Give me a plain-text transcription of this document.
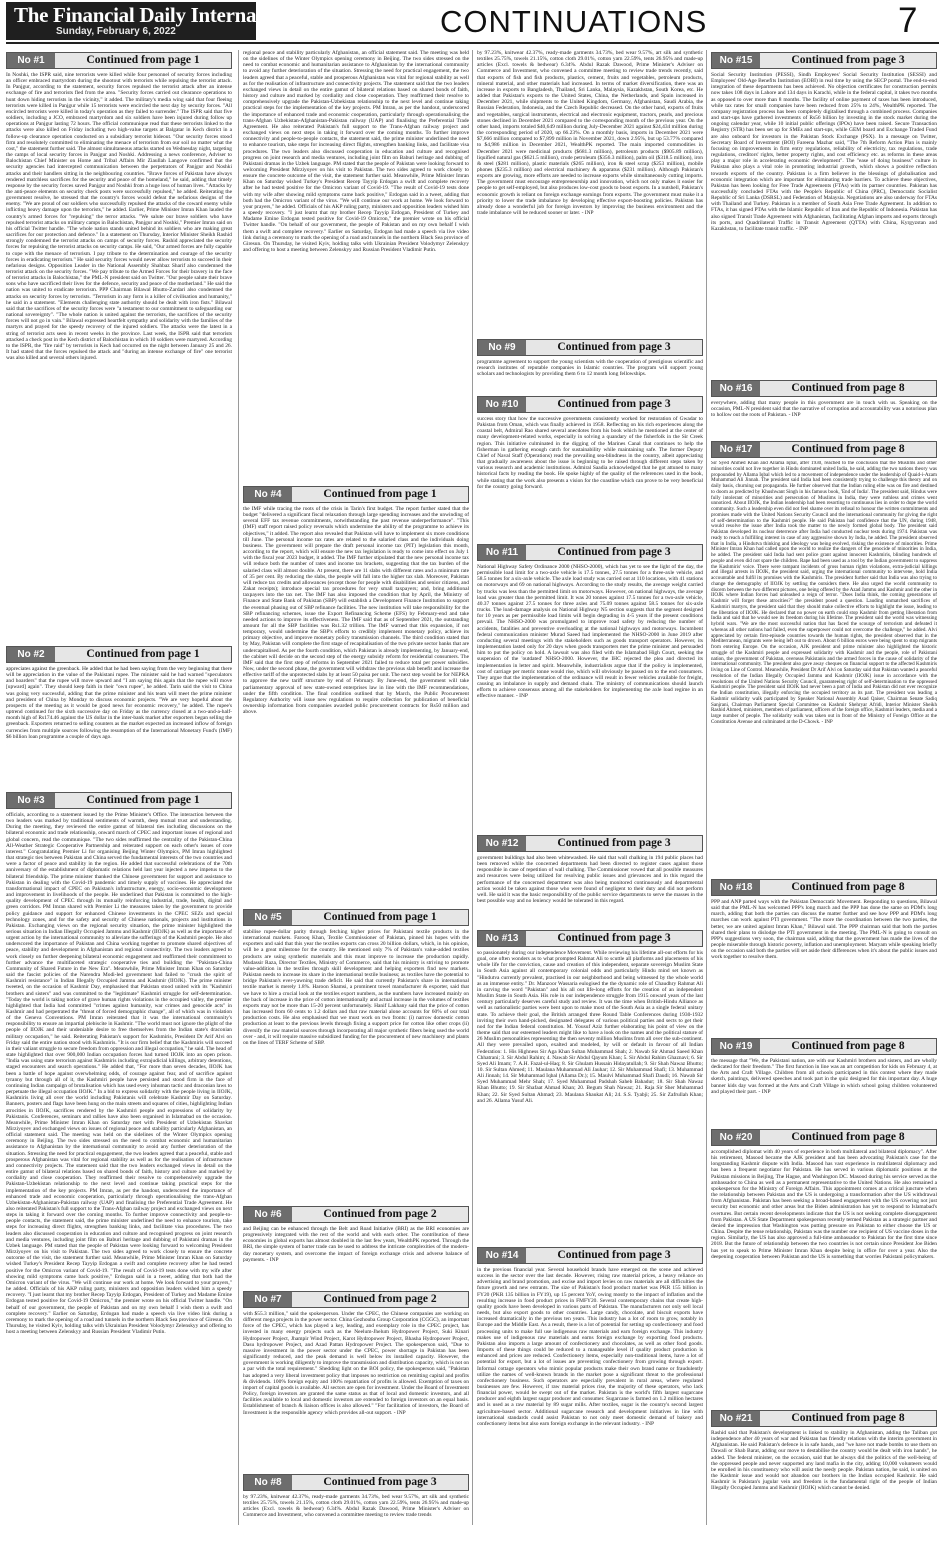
The Financial Daily International
Sunday, February 6, 2022	CONTINUATIONS	7
No #1	Continued from page 1
In Noshki, the ISPR said, nine terrorists were killed while four personnel of security forces including an officer embraced martyrdom during the shootout with terrorists while repulsing the terrorist attack. In Panjgur, according to the statement, security forces repulsed the terrorist attack after an intense exchange of fire and terrorists fled from the area. "Security forces carried out clearance operations to hunt down hiding terrorists in the vicinity," it added. The military's media wing said that four fleeing terrorists were killed in Panjgur while 15 terrorists were encircled the next day by security forces. "All encircled terrorists were killed in today's operation as they failed to surrender." The ISPR said that five soldiers, including a JCO, embraced martyrdom and six soldiers have been injured during follow up operations at Panjgur lasting 72 hours. The official communique read that these terrorists linked to the attacks were also killed on Friday including two high-value targets at Balgatar in Kech district in a follow-up clearance operation conducted on a subsidiary terrorist hideout. "Our security forces stood firm and resolutely committed to eliminating the menace of terrorism from our soil no matter what the cost," the statement further said. The almost simultaneous attacks started on Wednesday night, targeting the camps of local security forces in Panjgur and Noshki. Addressing a news conference, Adviser to Balochistan Chief Minister on Home and Tribal Affairs Mir Ziaullah Langove confirmed that the security agencies had intercepted communication between the perpetrators of Panjgur and Noshki attacks and their handlers sitting in the neighbouring countries. "Brave forces of Pakistan have always rendered matchless sacrifices for the security and peace of the homeland," he said, adding that timely response by the security forces saved Panjgur and Noshki from a huge loss of human lives. "Attacks by the anti-peace elements on security check posts were successfully repulsed," he added. Reiterating the government resolve, he stressed that the country's forces would defeat the nefarious designs of the enemy. "We are proud of our soldiers who successfully repulsed the attacks of the coward enemy while inflicting heavy damage upon the terrorists," he added. Earlier, Prime Minister Imran Khan lauded the country's armed forces for "repulsing" the terror attacks. "We salute our brave soldiers who have repulsed terrorist attacks on military camps in Balochistan, Panjgur and Noshki," Premier Imran said on his official Twitter handle. "The whole nation stands united behind its soldiers who are making great sacrifices for our protection and defence." In a statement on Thursday, Interior Minister Sheikh Rashid strongly condemned the terrorist attacks on camps of security forces. Rashid appreciated the security forces for repulsing the terrorist attacks on security camps. He said, "Our armed forces are fully capable to cope with the menace of terrorism. I pay tribute to the determination and courage of the security forces in eradicating terrorism." He said security forces would never allow terrorists to succeed in their nefarious designs. Opposition Leader in the National Assembly Shahbaz Sharif also condemned the terrorist attack on the security forces. "We pay tribute to the Armed Forces for their bravery in the face of terrorist attacks in Balochistan," the PML-N president said on Twitter. "Our people salute their brave sons who have sacrificed their lives for the defence, security and peace of the motherland." He said the nation was united to eradicate terrorism. PPP Chairman Bilawal Bhutto-Zardari also condemned the attacks on security forces by terrorists. "Terrorism in any form is a killer of civilisation and humanity," he said in a statement. "Elements challenging state authority should be dealt with iron fists." Bilawal said that the sacrifices of the security forces were "a testament to our commitment to safeguarding our national sovereignty". "The whole nation is united against the terrorists, the sacrifices of the security forces will not go in vain." Bilawal expressed heartfelt sympathy and solidarity with the families of the martyrs and prayed for the speedy recovery of the injured soldiers. The attacks were the latest in a string of terrorist acts seen in recent weeks in the province. Last week, the ISPR said that terrorists attacked a check post in the Kech district of Balochistan in which 10 soldiers were martyred. According to the ISPR, the "fire raid" by terrorists in Kech had occurred on the night between January 25 and 26. It had stated that the forces repulsed the attack and "during an intense exchange of fire" one terrorist was also killed and several others injured.
No #2	Continued from page 1
appreciates against the greenback. He added that he had been saying from the very beginning that there will be appreciation in the value of the Pakistani rupee. The minister said he had warned "speculators and hoarders" that the rupee will move upward and "I am saying this again that the rupee will move [upward] again". They should keep faith in their "own rupee", he added. Tarin said the visit to China was going very successful, adding that the prime minister and his team will meet the prime minister and president of China by Monday to discuss economic projects. "We are very hopeful about the prospects of the meeting as it would be good news for economic recovery," he added. The rupee's uptrend continued for the sixth successive day on Friday as the currency closed at a two-and-a-half-month high of Rs174.46 against the US dollar in the inter-bank market after exporters began selling the greenback. Exporters returned to selling counters as the market expected an increased inflow of foreign currencies from multiple sources following the resumption of the International Monetary Fund's (IMF) $6 billion loan programme a couple of days ago.
No #3	Continued from page 1
officials, according to a statement issued by the Prime Minister's Office. The interaction between the two leaders was marked by traditional sentiments of warmth, deep mutual trust and understanding. During the meeting, they reviewed the entire gamut of bilateral ties including discussions on the bilateral economic and trade relationship, onward march of CPEC and important issues of regional and global concern, read the communique. "The two sides reaffirmed the centrality of the Pakistan-China All-Weather Strategic Cooperative Partnership and reiterated support on each other's issues of core interest." Congratulating Premier Li for organising Beijing Winter Olympics, PM Imran highlighted that strategic ties between Pakistan and China served the fundamental interests of the two countries and were a factor of peace and stability in the region. He added that successful celebrations of the 70th anniversary of the establishment of diplomatic relations held last year injected a new impetus to the bilateral friendship. The prime minister thanked the Chinese government for support and assistance to Pakistan in dealing with the Covid-19 pandemic and timely supply of vaccines. He appreciated the transformational impact of CPEC on Pakistan's infrastructure, energy, socio-economic development and improvement in livelihoods of the people. He underlined that Pakistan is committed to the high-quality development of CPEC through its mutually reinforcing industrial, trade, health, digital and green corridors. PM Imran shared with Premier Li the measures taken by the government to provide policy guidance and support for enhanced Chinese investments in the CPEC SEZs and special technology zones, and for the safety and security of Chinese nationals, projects and institutions in Pakistan. Exchanging views on the regional security situation, the prime minister highlighted the serious situation in Indian Illegally Occupied Jammu and Kashmir (IIOJK) as well as the importance of urgent action by the international community to alleviate the sufferings of the Kashmiri people. He also underscored the importance of Pakistan and China working together to promote shared objectives of peace, stability and development in Afghanistan and regional connectivity. The two leaders agreed to work closely on further deepening bilateral economic engagement and reaffirmed their commitment to further advance the multifaceted strategic cooperative ties and building the "Pakistan-China Community of Shared Future in the New Era". Meanwhile, Prime Minister Imran Khan on Saturday said the fascist policies of the Narendra Modi-led government had failed to "crush the spirit of Kashmiri resistance" in Indian Illegally Occupied Jammu and Kashmir (IIOJK). The prime minister tweeted, on the occasion of Kashmir Day, emphasised that Pakistan stood united with its "Kashmiri brothers and sisters" and was committed to the "legitimate" Kashmiri struggle for self-determination. "Today the world is taking notice of grave human rights violations in the occupied valley, the premier highlighted that India had committed "crimes against humanity, war crimes and genocide acts" in Kashmir and had perpetrated the "threat of forced demographic change", all of which was in violation of the Geneva Conventions. PM Imran reiterated that it was the international community's responsibility to ensure an impartial plebiscite in Kashmir. "The world must not ignore the plight of the people of IIOJK and their undeniable desire to free themselves from the Indian state's draconian military occupation," he said. Reiterating Pakistan's support for Kashmiris, President Dr Arif Alvi on Friday said the entire nation stood with Kashmiris. "It is our firm belief that the Kashmiris will succeed in their valiant struggle to secure freedom from oppression and illegal occupation," he said. The head of state highlighted that over 900,000 Indian occupation forces had turned IIOJK into an open prison. "India was using state terrorism against Kashmiris including extrajudicial killings, arbitrary detentions, staged encounters and search operations." He added that, "For more than seven decades, IIOJK has been a battle of hope against overwhelming odds, of courage against fear, and of sacrifice against tyranny but through all of it, the Kashmiri people have persisted and stood firm in the face of continuing Indian campaign of brutalisation which has used every inhuman tactic and draconian laws to perpetuate the illegal occupation IIOJK." In a bid to express solidarity with the people living in IIOJK, Kashmiris living all over the world including Pakistanis will celebrate Kashmir Day on Saturday. Banners, posters and flags have been hung on the main streets and squares of cities, highlighting Indian atrocities in IIOJK, sacrifices rendered by the Kashmiri people and expressions of solidarity by Pakistanis. Conferences, seminars and rallies have also been organised in Islamabad on the occasion. Meanwhile, Prime Minister Imran Khan on Saturday met with President of Uzbekistan Shavkat Mirziyoyev and exchanged views on issues of regional peace and stability particularly Afghanistan, an official statement said. The meeting was held on the sidelines of the Winter Olympics opening ceremony in Beijing. The two sides stressed on the need to combat economic and humanitarian assistance to Afghanistan by the international community to avoid any further deterioration of the situation. Stressing the need for practical engagement, the two leaders agreed that a peaceful, stable and prosperous Afghanistan was vital for regional stability as well as for the realisation of infrastructure and connectivity projects. The statement said that the two leaders exchanged views in detail on the entire gamut of bilateral relations based on shared bonds of faith, history and culture and marked by cordiality and close cooperation. They reaffirmed their resolve to comprehensively upgrade the Pakistan-Uzbekistan relationship to the next level and continue taking practical steps for the implementation of the key projects. PM Imran, as per the handout, underscored the importance of enhanced trade and economic cooperation, particularly through operationalising the trans-Afghan Uzbekistan-Afghanistan-Pakistan railway (UAP) and finalising the Preferential Trade Agreement. He also reiterated Pakistan's full support to the Trans-Afghan railway project and exchanged views on next steps in taking it forward over the coming months. To further improve connectivity and people-to-people contacts, the statement said, the prime minister underlined the need to enhance tourism, take steps for increasing direct flights, strengthen banking links, and facilitate visa procedures. The two leaders also discussed cooperation in education and culture and recognised progress on joint research and media ventures, including joint film on Baburi heritage and dubbing of Pakistani dramas in the Uzbek language. PM stated that the people of Pakistan were looking forward to welcoming President Mirziyoyev on his visit to Pakistan. The two sides agreed to work closely to ensure the concrete outcome of the visit, the statement further said. Meanwhile, Prime Minister Imran Khan on Saturday wished Turkey's President Recep Tayyip Erdogan a swift and complete recovery after he had tested positive for the Omicron variant of Covid-19. "The result of Covid-19 tests done with my wife after showing mild symptoms came back positive," Erdogan said in a tweet, adding that both had the Omicron variant of the virus. "We will continue our work at home. We look forward to your prayers," he added. Officials of his AKP ruling party, ministers and opposition leaders wished him a speedy recovery. "I just learnt that my brother Recep Tayyip Erdogan, President of Turkey and Madame Emine Erdogan tested positive for Covid-19 Omicron," the premier wrote on his official Twitter handle. "On behalf of our government, the people of Pakistan and on my own behalf I wish them a swift and complete recovery." Earlier on Saturday, Erdogan had made a speech via live video link during a ceremony to mark the opening of a road and tunnels in the northern Black Sea province of Giresun. On Thursday, he visited Kyiv, holding talks with Ukrainian President Volodymyr Zelenskyy and offering to host a meeting between Zelenskyy and Russian President Vladimir Putin.
regional peace and stability particularly Afghanistan, an official statement said. The meeting was held on the sidelines of the Winter Olympics opening ceremony in Beijing. The two sides stressed on the need to combat economic and humanitarian assistance to Afghanistan by the international community to avoid any further deterioration of the situation. Stressing the need for practical engagement, the two leaders agreed that a peaceful, stable and prosperous Afghanistan was vital for regional stability as well as for the realisation of infrastructure and connectivity projects. The statement said that the two leaders exchanged views in detail on the entire gamut of bilateral relations based on shared bonds of faith, history and culture and marked by cordiality and close cooperation. They reaffirmed their resolve to comprehensively upgrade the Pakistan-Uzbekistan relationship to the next level and continue taking practical steps for the implementation of the key projects. PM Imran, as per the handout, underscored the importance of enhanced trade and economic cooperation, particularly through operationalising the trans-Afghan Uzbekistan-Afghanistan-Pakistan railway (UAP) and finalising the Preferential Trade Agreement. He also reiterated Pakistan's full support to the Trans-Afghan railway project and exchanged views on next steps in taking it forward over the coming months. To further improve connectivity and people-to-people contacts, the statement said, the prime minister underlined the need to enhance tourism, take steps for increasing direct flights, strengthen banking links, and facilitate visa procedures. The two leaders also discussed cooperation in education and culture and recognised progress on joint research and media ventures, including joint film on Baburi heritage and dubbing of Pakistani dramas in the Uzbek language. PM stated that the people of Pakistan were looking forward to welcoming President Mirziyoyev on his visit to Pakistan. The two sides agreed to work closely to ensure the concrete outcome of the visit, the statement further said. Meanwhile, Prime Minister Imran Khan on Saturday wished Turkey's President Recep Tayyip Erdogan a swift and complete recovery after he had tested positive for the Omicron variant of Covid-19. "The result of Covid-19 tests done with my wife after showing mild symptoms came back positive," Erdogan said in a tweet, adding that both had the Omicron variant of the virus. "We will continue our work at home. We look forward to your prayers," he added. Officials of his AKP ruling party, ministers and opposition leaders wished him a speedy recovery. "I just learnt that my brother Recep Tayyip Erdogan, President of Turkey and Madame Emine Erdogan tested positive for Covid-19 Omicron," the premier wrote on his official Twitter handle. "On behalf of our government, the people of Pakistan and on my own behalf I wish them a swift and complete recovery." Earlier on Saturday, Erdogan had made a speech via live video link during a ceremony to mark the opening of a road and tunnels in the northern Black Sea province of Giresun. On Thursday, he visited Kyiv, holding talks with Ukrainian President Volodymyr Zelenskyy and offering to host a meeting between Zelenskyy and Russian President Vladimir Putin.
No #4	Continued from page 1
the IMF while tracing the roots of the crisis in Tarin's first budget. The report further stated that the budget "delivered a significant fiscal relaxation through large spending increases and the unwinding of several EFF tax revenue commitments, notwithstanding the past revenue underperformance". "This (IMF) staff report raised policy reversals which undermine the ability of the programme to achieve its objectives," it added. The report also revealed that Pakistan will have to implement six more conditions till June. The personal income tax rates are related to the salaried class and the individuals doing business. The government will prepare the draft personal income tax (PIT) legislation this month, according to the report, which will ensure the new tax legislation is ready to come into effect on July 1 with the fiscal year 2023 budget, it added. The IMF further stipulated that the new personal income tax will reduce both the number of rates and income tax brackets, suggesting that the tax burden of the salaried class will almost double. At present, there are 11 slabs with different rates and a minimum rate of 35 per cent. By reducing the slabs, the people will fall into the higher tax slab. Moreover, Pakistan will reduce tax credits and allowances (except those for people with disabilities and senior citizens, and Zakat receipts); introduce special tax procedures for very small taxpayers; and, bring additional taxpayers into the tax net. The IMF has also imposed the condition that by April, the Ministry of Finance and State Bank of Pakistan (SBP) will establish a Development Finance Institution to support the eventual phasing out of SBP refinance facilities. The new institution will take responsibility for the SBP refinancing schemes, issue the Export Refinancing Scheme (EFS) by February-end and take needed actions to improve its effectiveness. The IMF said that as of September 2021, the outstanding amount for all the SBP facilities was Rs1.32 trillion. The IMF warned that this expansion, if not temporary, would undermine the SBP's efforts to credibly implement monetary policy, achieve its primary objective, and improve monetary policy transmission channels. The third condition stated that by May, Pakistan will complete the first stage of recapitalisation of the two private sector banks that are undercapitalised. As per the fourth condition, which Pakistan is already implementing, by January-end, the cabinet will decide on the second step of the energy subsidy reform for residential consumers. The IMF said that the first step of reforms in September 2021 failed to reduce total per power subsidies. Now, under the second phase, the government will withdraw the previous slab benefit and increase the effective tariff of the unprotected slabs by at least 50 paisa per unit. The next step would be for NEPRA to approve the new tariff structure by end of February. By June-end, the government will take parliamentary approval of new state-owned enterprises law in line with the IMF recommendations, under the fifth condition. The final condition outlined that by March, the Public Procurement Regulatory Authority will issue new regulations to require collection for publication of beneficial ownership information from companies awarded public procurement contracts for Rs50 million and above.
No #5	Continued from page 1
stabilise rupee-dollar parity through fetching higher prices for Pakistani textile products in the international markets. Farooq Khan, Textile Commissioner of Pakistan, pinned his hopes with the exporters and said that this year the textiles exports can cross 20 billion dollars, which, in his opinion, will be a great milestone for the country. He mentioned only 7% of Pakistan's value-added textiles products are using synthetic materials and this must improve to increase the production rapidly. Mudassir Raza, Director Textiles, Ministry of Commerce, said that his ministry is striving to promote value-addition in the textiles through skill development and helping exporters find new markets. Pakistan needs to increase its share in the international textile business; as textiles have the potential to bridge Pakistan's ever-yawning trade deficit. He said that currently Pakistan's share in international textile market is merely 1.8%. Haroon Shamsi, a prominent towel manufacturer & exporter, said that we have to hire a crucial look at the textiles export numbers, as the numbers have increased mainly on the back of increase in the price of cotton internationally and actual increase in the volumes of textiles exports may not be more than 15-20 percent unfortunately. Hanif Lakhany said that the price of cotton has increased from 60 cents to 1.2 dollars and that raw material alone accounts for 60% of our total production costs. He also emphasised that we must work on two fronts: (i) narrow domestic cotton production at least to the previous levels through fixing a support price for cotton like other crops (ii) diversify the raw material sources through incorporating all major synthetic fibers being used the world over - and, it will require massive subsidized funding for the procurement of new machinery and plants on the lines of TERF Scheme of SBP.
No #6	Continued from page 2
and Beijing can be enhanced through the Belt and Road Initiative (BRI) as the BRI economies are progressively integrated with the rest of the world and with each other. The contribution of these economies in global exports has almost doubled in the last few years, WealthPK reported. Through the BRI, the simple system of barter trade can be used to address the intricate complexities of the modern-day monetary system, and overcome the impact of foreign exchange crisis and adverse balance of payments. - INP
No #7	Continued from page 2
with $55.3 million," said the spokesperson. Under the CPEC, the Chinese companies are working on different mega projects in the power sector. China Gezhouba Group Corporation (CGGC), an important force of the CPEC, which has played a key, leading, and exemplary role in the CPEC project, has invested in many energy projects such as the Neelum-Jhelum Hydropower Project, Suki Kinari Hydropower Project, Jhampir Wind Project, Karot Hydropower Project, Bhasha Hydropower Project, Dasu hydropower Project, and Azad Pattan Hydropower Project. The spokesperson said, "Due to massive investment in the power sector under the CPEC, power shortage in Pakistan has been significantly reduced, and the peak demand is well below its installed capacity. However, the government is working diligently to improve the transmission and distribution capacity, which is not on a par with the total requirement." Shedding light on the BOI policy, the spokesperson said, "Pakistan has adopted a very liberal investment policy that imposes no restriction on remitting capital and profits & dividends. 100% foreign equity and 100% repatriation of profits is allowed. Exemption of taxes on import of capital goods is available. All sectors are open for investment. Under the Board of Investment Policy, foreign investors are granted the same status as that of local and domestic investors, and all facilities available to local and domestic investors are extended to foreign investors on an equal basis. Establishment of branch & liaison offices is also allowed." "For facilitation of investors, the Board of Investment is the responsible agency which provides all-out support. - INP
No #8	Continued from page 3
by 97.23%, knitwear 42.37%, ready-made garments 34.73%, bed wear 9.57%, art silk and synthetic textiles 25.75%, towels 21.15%, cotton cloth 29.01%, cotton yarn 22.59%, tents 26.95% and made-up articles (Excl. towels & bedwear) 6.34%. Abdul Razak Dawood, Prime Minister's Adviser on Commerce and Investment, who convened a committee meeting to review trade trends
by 97.23%, knitwear 42.37%, ready-made garments 34.73%, bed wear 9.57%, art silk and synthetic textiles 25.75%, towels 21.15%, cotton cloth 29.01%, cotton yarn 22.59%, tents 26.95% and made-up articles (Excl. towels & bedwear) 6.34%. Abdul Razak Dawood, Prime Minister's Adviser on Commerce and Investment, who convened a committee meeting to review trade trends recently, said that exports of fish and fish products, plastics, cement, fruits and vegetables, petroleum products, mineral material, and other materials had increased. In terms of market diversification, there was an increase in exports to Bangladesh, Thailand, Sri Lanka, Malaysia, Kazakhstan, South Korea, etc. He added that Pakistan's exports to the United States, China, the Netherlands, and Spain increased in December 2021, while shipments to the United Kingdom, Germany, Afghanistan, Saudi Arabia, the Russian Federation, Indonesia, and the Czech Republic decreased. On the other hand, exports of fruits and vegetables, surgical instruments, electrical and electronic equipment, tractors, pearls, and precious stones declined in December 2021 compared to the corresponding month of the previous year. On the other hand, imports totaled $40,649 million during July-December 2021 against $24,434 million during the corresponding period of 2020, up 66.23%. On a monthly basis, imports in December 2021 were $7,666 million compared to $7,899 million in November 2021, down 2.95%, but up 53.77% compared to $4,986 million in December 2021, WealthPK reported. The main imported commodities in December 2021 were medicinal products ($681.3 million), petroleum products ($905.89 million), liquified natural gas ($621.5 million), crude petroleum ($356.3 million), palm oil ($318.5 million), iron & steel ($281 million), plastic materials ($265 million), iron & steel scrap ($253 million), mobile phones ($235.3 million) and electrical machinery & apparatus ($231 million). Although Pakistan's exports are growing, more efforts are needed to increase exports while simultaneously cutting imports. The government must encourage entrepreneurship and innovation, which not only makes it easier for people to get self-employed, but also produces low-cost goods to boost exports. In a nutshell, Pakistan's economic growth is reliant on foreign exchange earnings from exports. The government must make it a priority to lower the trade imbalance by developing effective export-boosting policies. Pakistan has already done a wonderful job for foreign investors by improving the business environment and the trade imbalance will be reduced sooner or later. - INP
No #9	Continued from page 3
programme agreement to support the young scientists with the cooperation of prestigious scientific and research institutes of reputable companies in Islamic countries. The program will support young scholars and technologists by providing them 6 to 12 month long fellowships.
No #10	Continued from page 3
success story that how the successive governments consistently worked for restoration of Gwadar to Pakistan from Oman, which was finally achieved in 1958. Reflecting on his rich experiences along the coastal belt, Admiral Rao shared several anecdotes from his book which he mentioned at the center of many development-related works, especially in solving a quandary of the fisherfolk in the Sir Creek region. This initiative culminated in the digging of the Marines Canal that continues to help the fisherman in gathering enough catch for sustainability while maintaining safe. The former Deputy Chief of Naval Staff (Operations) read the prevailing sea-blindness in the country, albeit appreciating that gradually awareness about the issue is beginning to be raised through different steps taken by various research and academic institutions. Admiral Saadia acknowledged that he got attuned to many historical facts by reading the book. He spoke highly of the quality of the references used in the book, while stating that the work also presents a vision for the coastline which can prove to be very beneficial for the country going forward.
No #11	Continued from page 3
National Highway Safety Ordinance 2000 (NHSO-2000), which has yet to see the light of the day, the permissible load limit for a two-axle vehicle is 17.5 tonnes, 27.5 tonnes for a three-axle vehicle, and 58.5 tonnes for a six-axle vehicle. The axle load study was carried out at 110 locations, with 41 stations on motorways and 69 on national highways. According to the study results, the average weight carried by trucks was less than the permitted limit on motorways. However, on national highways, the average load was greater than the permitted limit. It was 20 tonnes against 17.5 tonnes for a two-axle vehicle, 40.37 tonnes against 27.5 tonnes for three axles and 75.09 tonnes against 58.5 tonnes for six-axle trucks. The load-damage analysis on National Highway N5 section suggests that the segment designed for 10 years as per permissible load limits will begin degrading in 4-5 years if the present conditions prevail. The NHSO-2000 was promulgated to improve road safety by reducing the number of accidents, fatalities and preventive overloading at the national highways and motorways. Incumbent federal communication minister Murad Saeed had implemented the NHSO-2000 in June 2019 after conducting several meetings with the stakeholders such as goods transport operators. However, its implementation lasted only for 20 days when goods transporters met the prime minister and persuaded him to put the policy on hold. A lawsuit was also filed with the Islamabad High Court, seeking the suspension of the 'outdated' NHSO-2000. However, the IHC rejected the plea and directed its implementation in letter and spirit. Meanwhile, industrialists argue that if the policy is implemented, cost of carriage per metric tonne would rise, which will obviously be passed on to the end consumers. They argue that the implementation of the ordinance will result in fewer vehicles available for freight, causing an imbalance in supply and demand chain. The ministry of communications should launch efforts to achieve consensus among all the stakeholders for implementing the axle load regime in an effective manner. - INP
No #12	Continued from page 3
government buildings had also been whitewashed. He said that wall chalking in 194 public places had been removed while the concerned departments had been directed to register cases against those responsible in case of repetition of wall chalking. The Commissioner vowed that all possible measures and resources were being utilized for resolving public issues and grievances and in this regard the performance of the concerned department was also being monitored continuously and departmental action would be taken against those who were found of negligent to their duty and did not perform well. He said it was the basic responsibility of the public service departments to serve the masses in the best possible way and no leniency would be tolerated in this regard.
No #13	Continued from page 3
so passionately during our independence Movement. While reviewing his lifetime all-out efforts for his goal, one often wonders as to what prompted Rahmat Ali to scuttle all platforms and placements of his whole life for the conviction, cause and creation of this independent, separate sovereign Muslim State in South Asia against all contemporary colonial odds and particularly Hindu mind set known as "Hindutva currently prevalent, practised in our neighborhood and being witnessed by the whole world as an immense entity." Dr. Manzoor Wassaria eulogised the the dynamic role of Chaudhry Rahmat Ali in carving the word "Pakistan" and his all out life-long efforts for the creation of an independent Muslim State in South Asia. His role in our independence struggle from 1915 onward years of the last century particularly deserves careful study and review. It was the time when British-Hindu Alliance as well as nationalistic parties were bent upon to make most of the South Asia as a single federal unitary state. To achieve their goal, the British arranged three Round Table Conferences during 1930-1932 inviting their own hand-picked, designated delegates of various political parties and sects to get their nod for the Indian federal constitution. M. Yousuf Aziz further elaborating his point of view on the theme said that our esteemed leaders might like to have a look on the names and the political stature of 26 Muslim personalities representing the then seventy million Muslims from all over the sub-continent. All they were prevailed upon, exalted and modeled, by will or default in favour of all Indian Federation: 1. His Highness Sir Aga Khan Sultan Muhammad Shah; 2. Nawab Sir Ahmad Saeed Khan Chhatrani; 3. Sir Abdul Rahim; 4. Nawab Sir Abdul Qayum Khan; 5. Sir Abdul Rahim Ghaznavi; 6. Sir Syed Ali Imam; 7. A.H. Fazal-ul-Haq; 8. Sir Ghulam Hussain Hidayatullah; 9. Sir Shah Nawaz Bhutto; 10. Sir Sultan Ahmed; 11. Maulana Muhammad Ali Jauhar; 12. Sir Muhammad Shafi; 13. Muhammad Ali Jinnah; 14. Sir Muhammad Iqbal (Allama Dr.); 15. Maulvi Muhammad Shafi Daudi; 16. Nawab Sir Syed Muhammad Mehr Shah; 17. Syed Muhammad Padshah Saheb Bahadur; 18. Sir Shah Nawaz Khan Bhutto; 19. Sir Shafaat Ahmad Khan; 20. Begum Shah Nawaz; 21. Raja Sir Sher Muhammad Khan; 22. Sir Syed Sultan Ahmad; 23. Maulana Shaukat Ali; 24. S.S. Tyabji; 25. Sir Zafrullah Khan; and 26. Allama Yusuf Ali.
No #14	Continued from page 3
in the previous financial year. Several household brands have emerged on the scene and achieved success in the sector over the last decade. However, rising raw material prices, a heavy reliance on advertising and brand promotion, and excise and import levies on raw materials are all difficulties the future growth and new entrants. The size of Pakistan's food product market was PKR 155 billion in FY20 (PKR 135 billion in FY19), up 15 percent YoY, owing mostly to the impact of inflation and the resulting increase in food product prices in FMFY20. Several contemporary chains that create high-quality goods have been developed in various parts of Pakistan. The manufacturers not only sell local needs, but also export goods to other countries. Large candy, chocolate, and biscuit exports have increased dramatically in the previous ten years. This industry has a lot of room to grow, notably in Europe and the Middle East. As a result, there is a lot of potential for setting up confectionery and food processing units to make full use indigenous raw materials and earn foreign exchange. This industry makes use of indigenous raw materials and earns foreign exchange by exporting food products. Pakistan also imports a large amount of confectionery and chocolates, as well as other food goods. Imports of these things could be reduced to a manageable level if quality product production is enhanced and prices are reduced. Confectionery items, especially non-traditional items, have a lot of potential for export, but a lot of issues are preventing confectionery from growing through export. Informal cottage operators who mimic popular products make their own brand name or fraudulently utilize the names of well-known brands in the market pose a significant threat to the professional confectionery business. Such operators are especially prevalent in rural areas, where regulated businesses are few. However, if raw material prices rise, the majority of these operators, who lack financial power, would be swept out of the market. Pakistan is the world's fifth largest sugarcane producer and eighth largest sugar producer and consumer. Sugarcane is farmed on 1.2 million hectares and is used as a raw material by 89 sugar mills. After textiles, sugar is the country's second largest agriculture-based sector. Additional sugarcane research and development initiatives in line with international standards could assist Pakistan to not only meet domestic demand of bakery and confectionery items but also earn foreign exchange in the relevant industry. - INP
No #15	Continued from page 3
Social Security Institution (PESSI), Sindh Employees' Social Security Institution (SESSI) and Employees' Old-Age Benefits Institution (EOBI) in real time by using the SECP portal. The end-to-end integration of these departments has been achieved. No objection certificates for construction permits now takes 108 days in Lahore and 134 days in Karachi, while in the federal capital, it takes two months as opposed to over more than 8 months. The facility of online payment of taxes has been introduced, while tax rates for small companies have been reduced from 25% to 24%, WealthPK reported. The company registration process has been completely digitalised through a combined process. Companies and start-ups have gathered investments of Rs56 billion by investing in the stock market during the ongoing calendar year, while 10 initial public offerings (IPOs) have been raised. Secure Transaction Registry (STR) has been set up for SMEs and start-ups, while GEM board and Exchange Traded Fund are also onboard for investors in the Pakistan Stock Exchange (PSX). In a message on Twitter, Secretary Board of Investment (BOI) Fareena Mazhar said, "The 7th Reform Action Plan is mainly focusing on improvements in firm entry regulations, reliability of electricity, tax regulations, trade regulations, creditors' rights, better property rights, and cost efficiency etc. as reforms in these areas play a major role in accelerating economic development". The "ease of doing business" culture in Pakistan also plays a vital role in promoting industrial growth, which shows a positive reflection towards exports of the country. Pakistan is a firm believer in the blessings of globalisation and economic integration which are important for eliminating trade barriers. To achieve these objectives, Pakistan has been looking for Free Trade Agreements (FTAs) with its partner countries. Pakistan has successfully concluded FTAs with the People's Republic of China (PRC), Democratic Socialist Republic of Sri Lanka (DSRSL) and Federation of Malaysia. Negotiations are also underway for FTAs with Thailand and Turkey. Pakistan is a member of South Asia Free Trade Agreement. In addition to FTAs, it has signed PTAs with the Islamic Republic of Iran and the Republic of Indonesia. Pakistan has also signed Transit Trade Agreement with Afghanistan, facilitating Afghan imports and exports through its ports, and Quadrilateral Traffic in Transit Agreement (QTTA) with China, Kyrgyzstan and Kazakhstan, to facilitate transit traffic. - INP
No #16	Continued from page 8
everywhere, adding that many people in this government are in touch with us. Speaking on the occasion, PML-N president said that the narrative of corruption and accountability was a notorious plan to hollow out the roots of Pakistan. - INP
No #17	Continued from page 8
Sir Syed Ahmed Khan and Allama Iqbal, after 1930, reached to the conclusion that the Muslims and other minorities could not live together in Hindu dominated united India, he said, adding the two nations theory was propounded by Allama Iqbal which led to a movement of independence under the leadership of Quaid-i-Azam Muhammad Ali Jinnah. The president said India had been consistently trying to challenge this theory and on daily basis, churning out propaganda. He further observed that the Indian ruling elite was on fire and destined to doom as predicted by Khushwant Singh in his famous book, 'End of India'. The president said, Hindus were fully intolerant of minorities and persecution of Muslims in India, they were ruthless and crimes went unnoticed. About IIOJK, the Indian leadership had been resorting to continuous lies in order to dupe the world community. Such a leadership even did not feel shame over its refusal to honour the written commitments and promises made with the United Nations Security Council and the international community for giving the right of self-determination to the Kashmiri people. He said Pakistan had confidence that the UN, during 1948, would resolve the issue after India took the matter to the newly formed global body. The president said Pakistan developed its nuclear deterrence after India had conducted nuclear tests during 1974. Pakistan was ready to reach a fulfilling interest in case of any aggressive shown by India, he added. The president observed that in India, a Hindutva thinking and ideology was being evolved, risking the existence of minorities. Prime Minister Imran Khan had called upon the world to realize the dangers of the genocide of minorities in India, he added. The president said India had sent police grant against innocent Kashmiris, blinding hundreds of people and even did not spare the children. Rape had been used as a tool by the Indian government to suppress the Kashmiris' voice. There were rampant incidents of gross human rights violations, extra-judicial killings and illegal arrests in IIOJK, the president said, urging the international community to intervene, hold India accountable and fulfil its promises with the Kashmiris. The president further said that India was also trying to change the demography of IIOJK by settling the outsiders there. He also urged the world community to discern between the two different pictures, one being offered by the Azad Jammu and Kashmir and the other in IIOJK where Indian forces had unleashed a reign of terror. "Does India think, the coming generations of Kashmir will forget these atrocities?" the president posed a question. Lauding unmatched sacrifices of Kashmiri martyrs, the president said that they should make collective efforts to highlight the issue, leading to the liberation of IIOJK. He declared that no power on earth could stop Kashmir from getting liberation from India and said that he would see its freedom during his lifetime. The president said the world was witnessing hybrid wars. "We are the most successful nation that has faced the scourge of terrorism and defeated it whereas all other nations had failed, even the superpower could not overcome the challenge," he added. Alvi appreciated by certain first-episode countries towards the human rights, the president observed that in the Mediterranean, migrants were being left out to drown. About 6 billion euros were being spent to stop migrants from entering Europe. On the occasion, AJK president and prime minister also highlighted the historic struggle of the Kashmiri people and expressed solidarity with Kashmir and the people, role of Pakistani nation, the government of Pakistan, overseas Pakistanis and the armed forces in the cause of solidarity of the international community. The president also gave away cheques on financial support to the affected Kashmiris living on Line of Control. Meanwhile, President Dr Arif Alvi on Saturday said that Pakistan wanted a peaceful resolution of the Indian Illegally Occupied Jammu and Kashmir (IIOJK) issue in accordance with the resolutions of the United Nations Security Council, guaranteeing right of self-determination to the oppressed Kashmiri people. The president said IIOJK had never been a part of India and Pakistan did not ever recognize the Indian constitution, illegally enforcing the occupied territory as its part. The president was leading a Kashmir solidarity walk participated by Speaker National Assembly Asad Qaiser, Chairman Senate Sadiq Sanjrani, Chairman Parliament Special Committee on Kashmir Shehryar Afridi, Interior Minister Sheikh Rashid Ahmed, ministers, members of parliament, officers of the foreign office, Kashmiri leaders, media and a large number of people. The solidarity walk was taken out in front of the Ministry of Foreign Office at the Constitution Avenue and culminated at the D-Chowk. - INP
No #18	Continued from page 8
PPP and ANP parted ways with the Pakistan Democratic Movement. Responding to questions, Bilawal said that the PML-N has welcomed PPP's long march and the PPP has done the same on PDM's long march, adding that both the parties can discuss the matter further and see how PPP and PDM's long marches can work against PTI government. "The more the coordination between the two parties, the better, we are united against Imran Khan," Bilawal said. The PPP chairman said that both the parties shared their plans to dislodge the PTI government in the meeting. The PML-N is going to consult on PPP's suggestions very soon, the chairman said, adding that the government has made the lives of the people miserable through historic poverty, inflation and unemployment. Maryam while speaking briefly on the occasion said both the parties will set aside their differences when it's about the public issues and work together to resolve them.
No #19	Continued from page 8
the message that "We, the Pakistani nation, are with our Kashmiri brothers and sisters, and are wholly dedicated for their freedom." The first function in line was an art competition for kids on February 4, at the Arts and Craft Village. Children from all schools participated in this contest where they made sketch, paintings, delivered speeches and took part in the quiz designed for this important day. A huge banner kids day was formed at the Arts and Craft Village in which school going children volunteered and played their part. - INP
No #20	Continued from page 8
accomplished diplomat with 40 years of experience in both multilateral and bilateral diplomacy". After his retirement, Masood became the AJK president and has been advocating Pakistan's case for the longstanding Kashmir dispute with India. Masood has vast experience in multilateral diplomacy and has been a frequent negotiator for Pakistan. He has served in various diplomatic positions at the Pakistan missions in Beijing, The Hague, and Washington DC. Masood during his service served as the ambassador to China as well as a permanent representative to the United Nations. He also remained a spokesperson for the Ministry of Foreign Affairs. This appointment comes at a critical juncture when the relationship between Pakistan and the US is undergoing a transformation after the US withdrawal from Afghanistan. Pakistan has been seeking a broad-based engagement with the US covering not just security but economic and other areas but the Biden administration has yet to respond to Islamabad's overtures. But certain recent developments indicate that the US is not seeking complete disengagement from Pakistan. A US State Department spokesperson recently termed Pakistan as a strategic partner and denied the impression that Washington was putting pressure on Pakistan to either choose the US or China. Despite the tense relationship, Pakistan was the number one recipient of US vaccine doses in the region. Similarly, the US has also approved a full-time ambassador to Pakistan for the first time since 2018. But the future of relationship between the two countries is not certain since President Joe Biden has yet to speak to Prime Minister Imran Khan despite being in office for over a year. Also the deepening cooperation between Pakistan and the US is something that worries Pakistani policymakers.
No #21	Continued from page 8
Rashid said that Pakistan's development is linked to stability in Afghanistan, adding the Taliban got independence after 40 years of war and Pakistan has friendly relations with the interim government in Afghanistan. He said Pakistan's defence is in safe hands, and "we have not made bombs to use them on Dawali or Shab Barat, adding our move to destabilise the country would be dealt with iron hands", he added. The federal minister, on the occasion, said that he always did the politics of the well-being of the oppressed people and never supported any land mafia in the city, adding 10,000 volunteers would be enrolled in his constituency who will assist the needy people. Pakistan nation, he said, is united on the Kashmir issue and would not abandon our brothers in the Indian occupied Kashmir. He said Kashmir is Pakistan's jugular vein and freedom is the fundamental right of the people of Indian Illegally Occupied Jammu and Kashmir (IIOJK) which cannot be denied.
